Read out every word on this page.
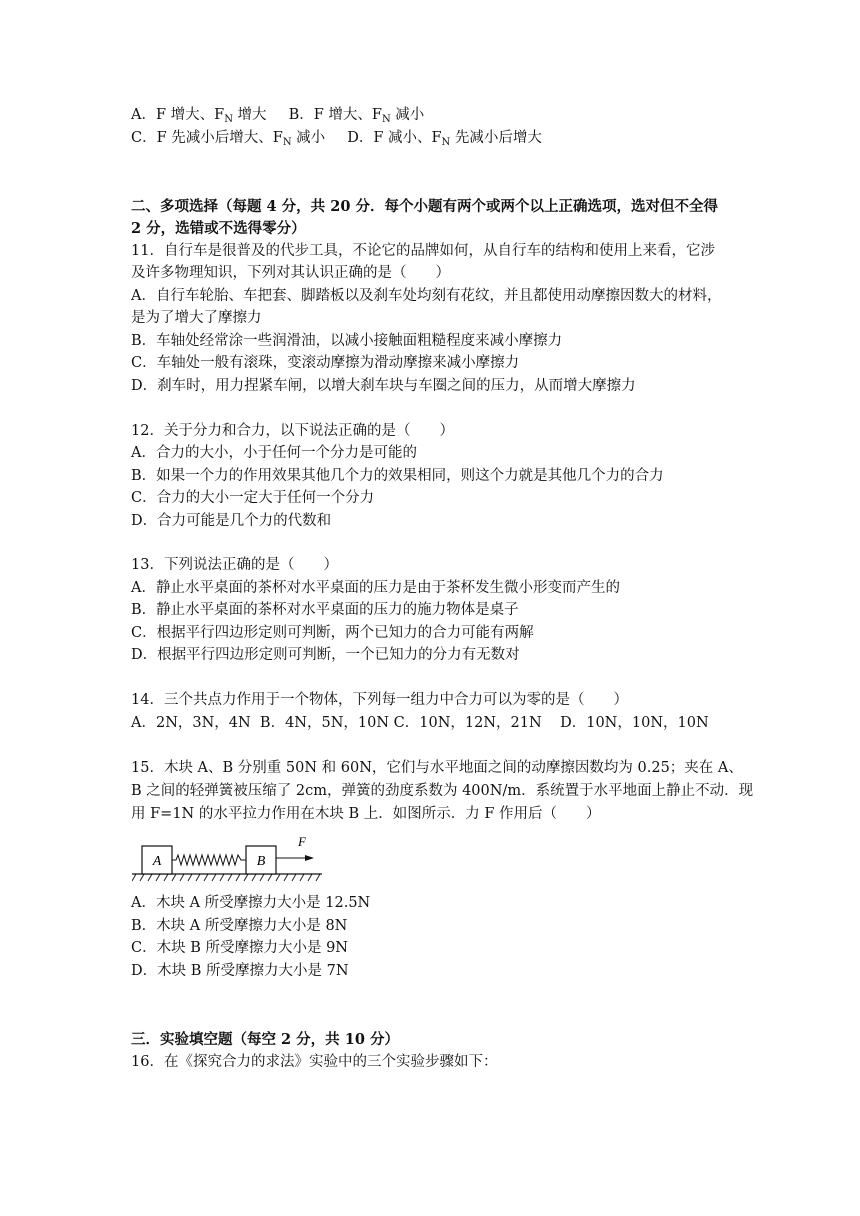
A．F 增大、$F_N$ 增大 B．F 增大、$F_N$ 减小
C．F 先减小后增大、$F_N$ 减小 D．F 减小、$F_N$ 先减小后增大
二、多项选择（每题 4 分，共 20 分．每个小题有两个或两个以上正确选项，选对但不全得
2 分，选错或不选得零分）
11．自行车是很普及的代步工具，不论它的品牌如何，从自行车的结构和使用上来看，它涉
及许多物理知识，下列对其认识正确的是（　　）
A．自行车轮胎、车把套、脚踏板以及刹车处均刻有花纹，并且都使用动摩擦因数大的材料，
是为了增大了摩擦力
B．车轴处经常涂一些润滑油，以减小接触面粗糙程度来减小摩擦力
C．车轴处一般有滚珠，变滚动摩擦为滑动摩擦来减小摩擦力
D．刹车时，用力捏紧车闸，以增大刹车块与车圈之间的压力，从而增大摩擦力
12．关于分力和合力，以下说法正确的是（　　）
A．合力的大小，小于任何一个分力是可能的
B．如果一个力的作用效果其他几个力的效果相同，则这个力就是其他几个力的合力
C．合力的大小一定大于任何一个分力
D．合力可能是几个力的代数和
13．下列说法正确的是（　　）
A．静止水平桌面的茶杯对水平桌面的压力是由于茶杯发生微小形变而产生的
B．静止水平桌面的茶杯对水平桌面的压力的施力物体是桌子
C．根据平行四边形定则可判断，两个已知力的合力可能有两解
D．根据平行四边形定则可判断，一个已知力的分力有无数对
14．三个共点力作用于一个物体，下列每一组力中合力可以为零的是（　　）
A．2N，3N，4N  B．4N，5N，10N C．10N，12N，21N    D．10N，10N，10N
15．木块 A、B 分别重 50N 和 60N，它们与水平地面之间的动摩擦因数均为 0.25；夹在 A、
B 之间的轻弹簧被压缩了 2cm，弹簧的劲度系数为 400N/m．系统置于水平地面上静止不动．现
用 F=1N 的水平拉力作用在木块 B 上．如图所示．力 F 作用后（　　）
A	B
F
A．木块 A 所受摩擦力大小是 12.5N
B．木块 A 所受摩擦力大小是 8N
C．木块 B 所受摩擦力大小是 9N
D．木块 B 所受摩擦力大小是 7N
三．实验填空题（每空 2 分，共 10 分）
16．在《探究合力的求法》实验中的三个实验步骤如下：
